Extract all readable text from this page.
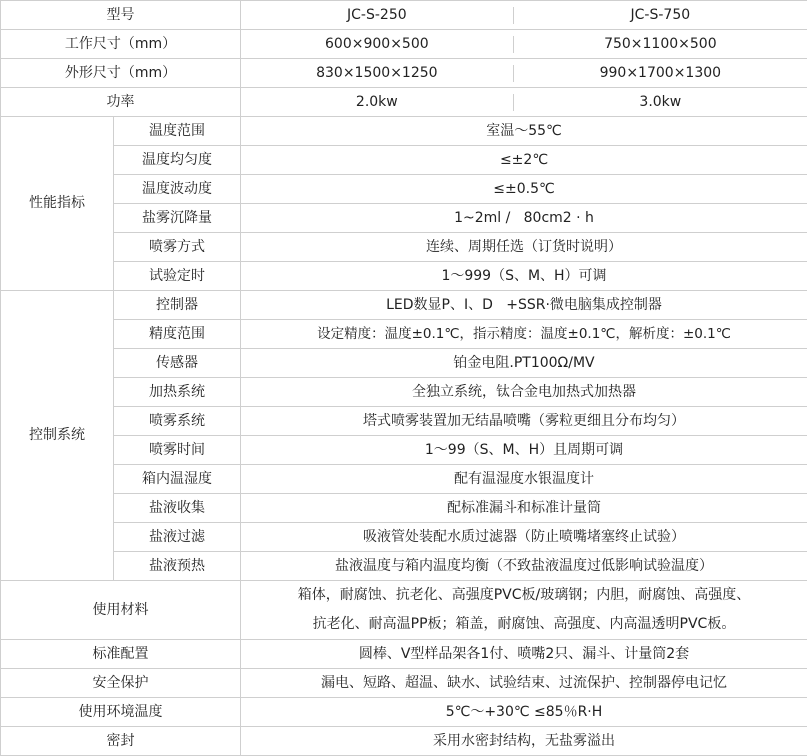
型号		JC-S-250 JC-S-750

工作尺寸（mm）		600×900×500 750×1100×500

外形尺寸（mm）		830×1500×1250 990×1700×1300

功率		2.0kw 3.0kw

性能指标	温度范围	室温～55℃
	温度均匀度	≤±2℃
	温度波动度	≤±0.5℃
	盐雾沉降量	1~2ml /   80cm2 · h
	喷雾方式	连续、周期任选（订货时说明）
	试验定时	1～999（S、M、H）可调
控制系统	控制器	LED数显P、I、D   +SSR·微电脑集成控制器
	精度范围	设定精度：温度±0.1℃，指示精度：温度±0.1℃，解析度：±0.1℃
	传感器	铂金电阻.PT100Ω/MV
	加热系统	全独立系统，钛合金电加热式加热器
	喷雾系统	塔式喷雾装置加无结晶喷嘴（雾粒更细且分布均匀）
	喷雾时间	1～99（S、M、H）且周期可调
	箱内温湿度	配有温湿度水银温度计
	盐液收集	配标准漏斗和标准计量筒
	盐液过滤	吸液管处装配水质过滤器（防止喷嘴堵塞终止试验）
	盐液预热	盐液温度与箱内温度均衡（不致盐液温度过低影响试验温度）
使用材料		箱体，耐腐蚀、抗老化、高强度PVC板/玻璃钢；内胆，耐腐蚀、高强度、
抗老化、耐高温PP板；箱盖，耐腐蚀、高强度、内高温透明PVC板。

标准配置		圆棒、V型样品架各1付、喷嘴2只、漏斗、计量筒2套
安全保护		漏电、短路、超温、缺水、试验结束、过流保护、控制器停电记忆
使用环境温度		5℃～+30℃ ≤85％R·H
密封		采用水密封结构，无盐雾溢出
